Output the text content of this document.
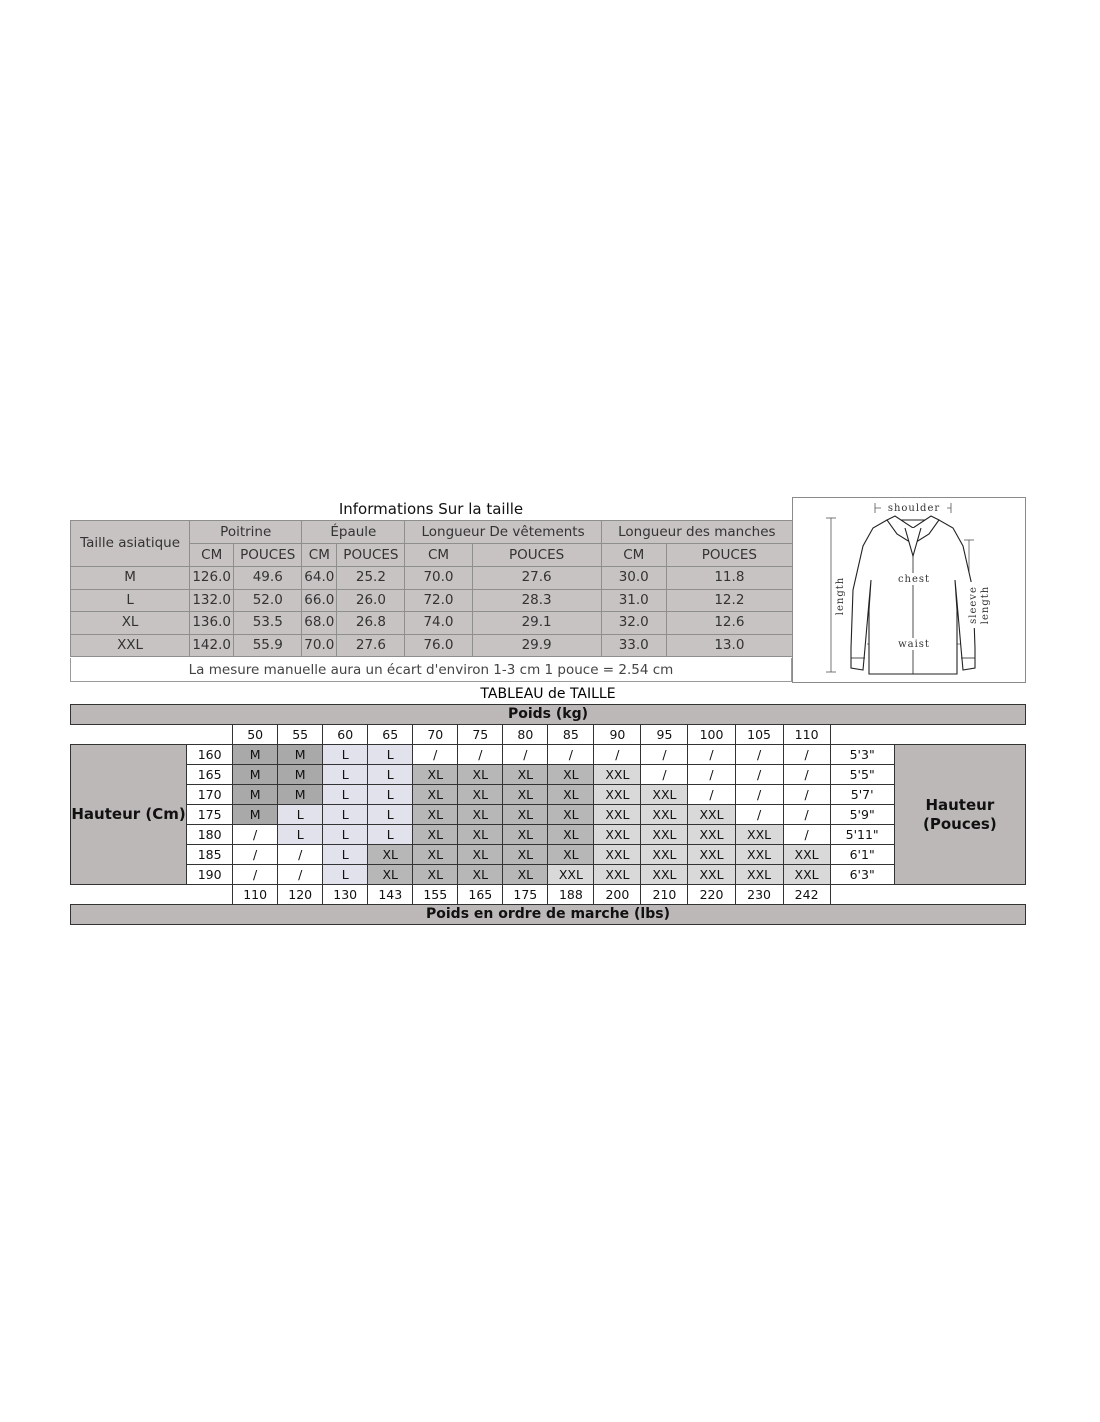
Informations Sur la taille
Taille asiatique	Poitrine		Épaule		Longueur De vêtements		Longueur des manches	
	CM	POUCES	CM	POUCES	CM	POUCES	CM	POUCES
M	126.0	49.6	64.0	25.2	70.0	27.6	30.0	11.8
L	132.0	52.0	66.0	26.0	72.0	28.3	31.0	12.2
XL	136.0	53.5	68.0	26.8	74.0	29.1	32.0	12.6
XXL	142.0	55.9	70.0	27.6	76.0	29.9	33.0	13.0
La mesure manuelle aura un écart d'environ 1-3 cm 1 pouce = 2.54 cm
shoulder
chest
waist
length	sleeve length
TABLEAU de TAILLE
Poids (kg)																
		50	55	60	65	70	75	80	85	90	95	100	105	110		
Hauteur (Cm)	160	M	M	L	L	/	/	/	/	/	/	/	/	/	5'3"	Hauteur (Pouces)
	165	M	M	L	L	XL	XL	XL	XL	XXL	/	/	/	/	5'5"	
	170	M	M	L	L	XL	XL	XL	XL	XXL	XXL	/	/	/	5'7'	
	175	M	L	L	L	XL	XL	XL	XL	XXL	XXL	XXL	/	/	5'9"	
	180	/	L	L	L	XL	XL	XL	XL	XXL	XXL	XXL	XXL	/	5'11"	
	185	/	/	L	XL	XL	XL	XL	XL	XXL	XXL	XXL	XXL	XXL	6'1"	
	190	/	/	L	XL	XL	XL	XL	XXL	XXL	XXL	XXL	XXL	XXL	6'3"	
		110	120	130	143	155	165	175	188	200	210	220	230	242		
Poids en ordre de marche (lbs)																
